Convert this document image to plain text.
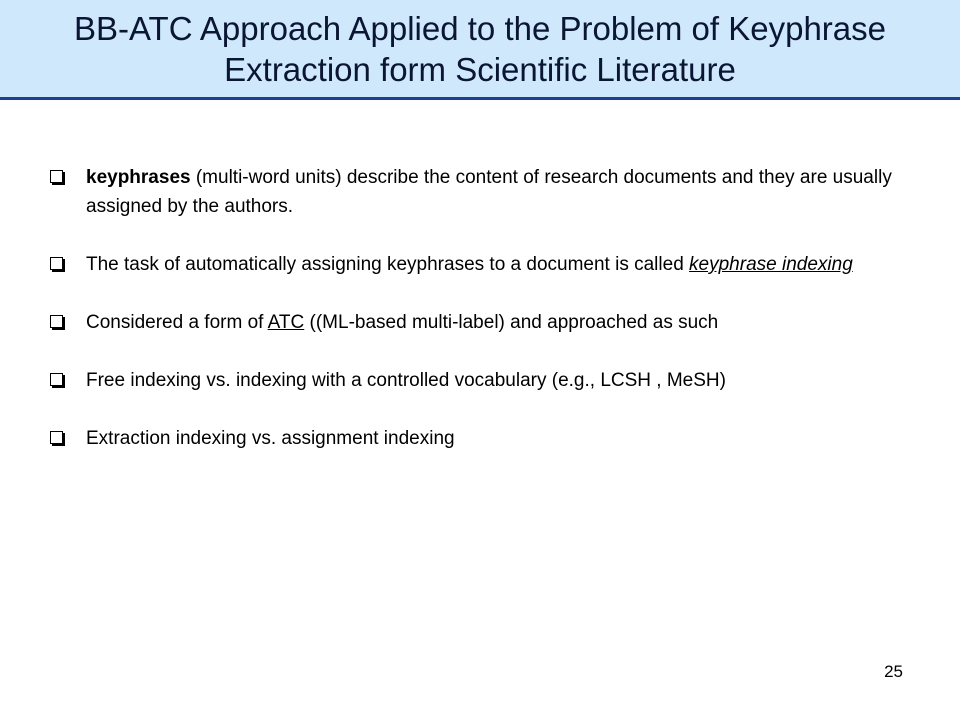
BB-ATC Approach Applied to the Problem of Keyphrase
Extraction form Scientific Literature
keyphrases (multi-word units) describe the content of research documents and they are usually assigned by the authors.
The task of automatically assigning keyphrases to a document is called keyphrase indexing
Considered a form of ATC ((ML-based multi-label) and approached as such
Free indexing vs. indexing with a controlled vocabulary (e.g., LCSH , MeSH)
Extraction indexing vs. assignment indexing
25
